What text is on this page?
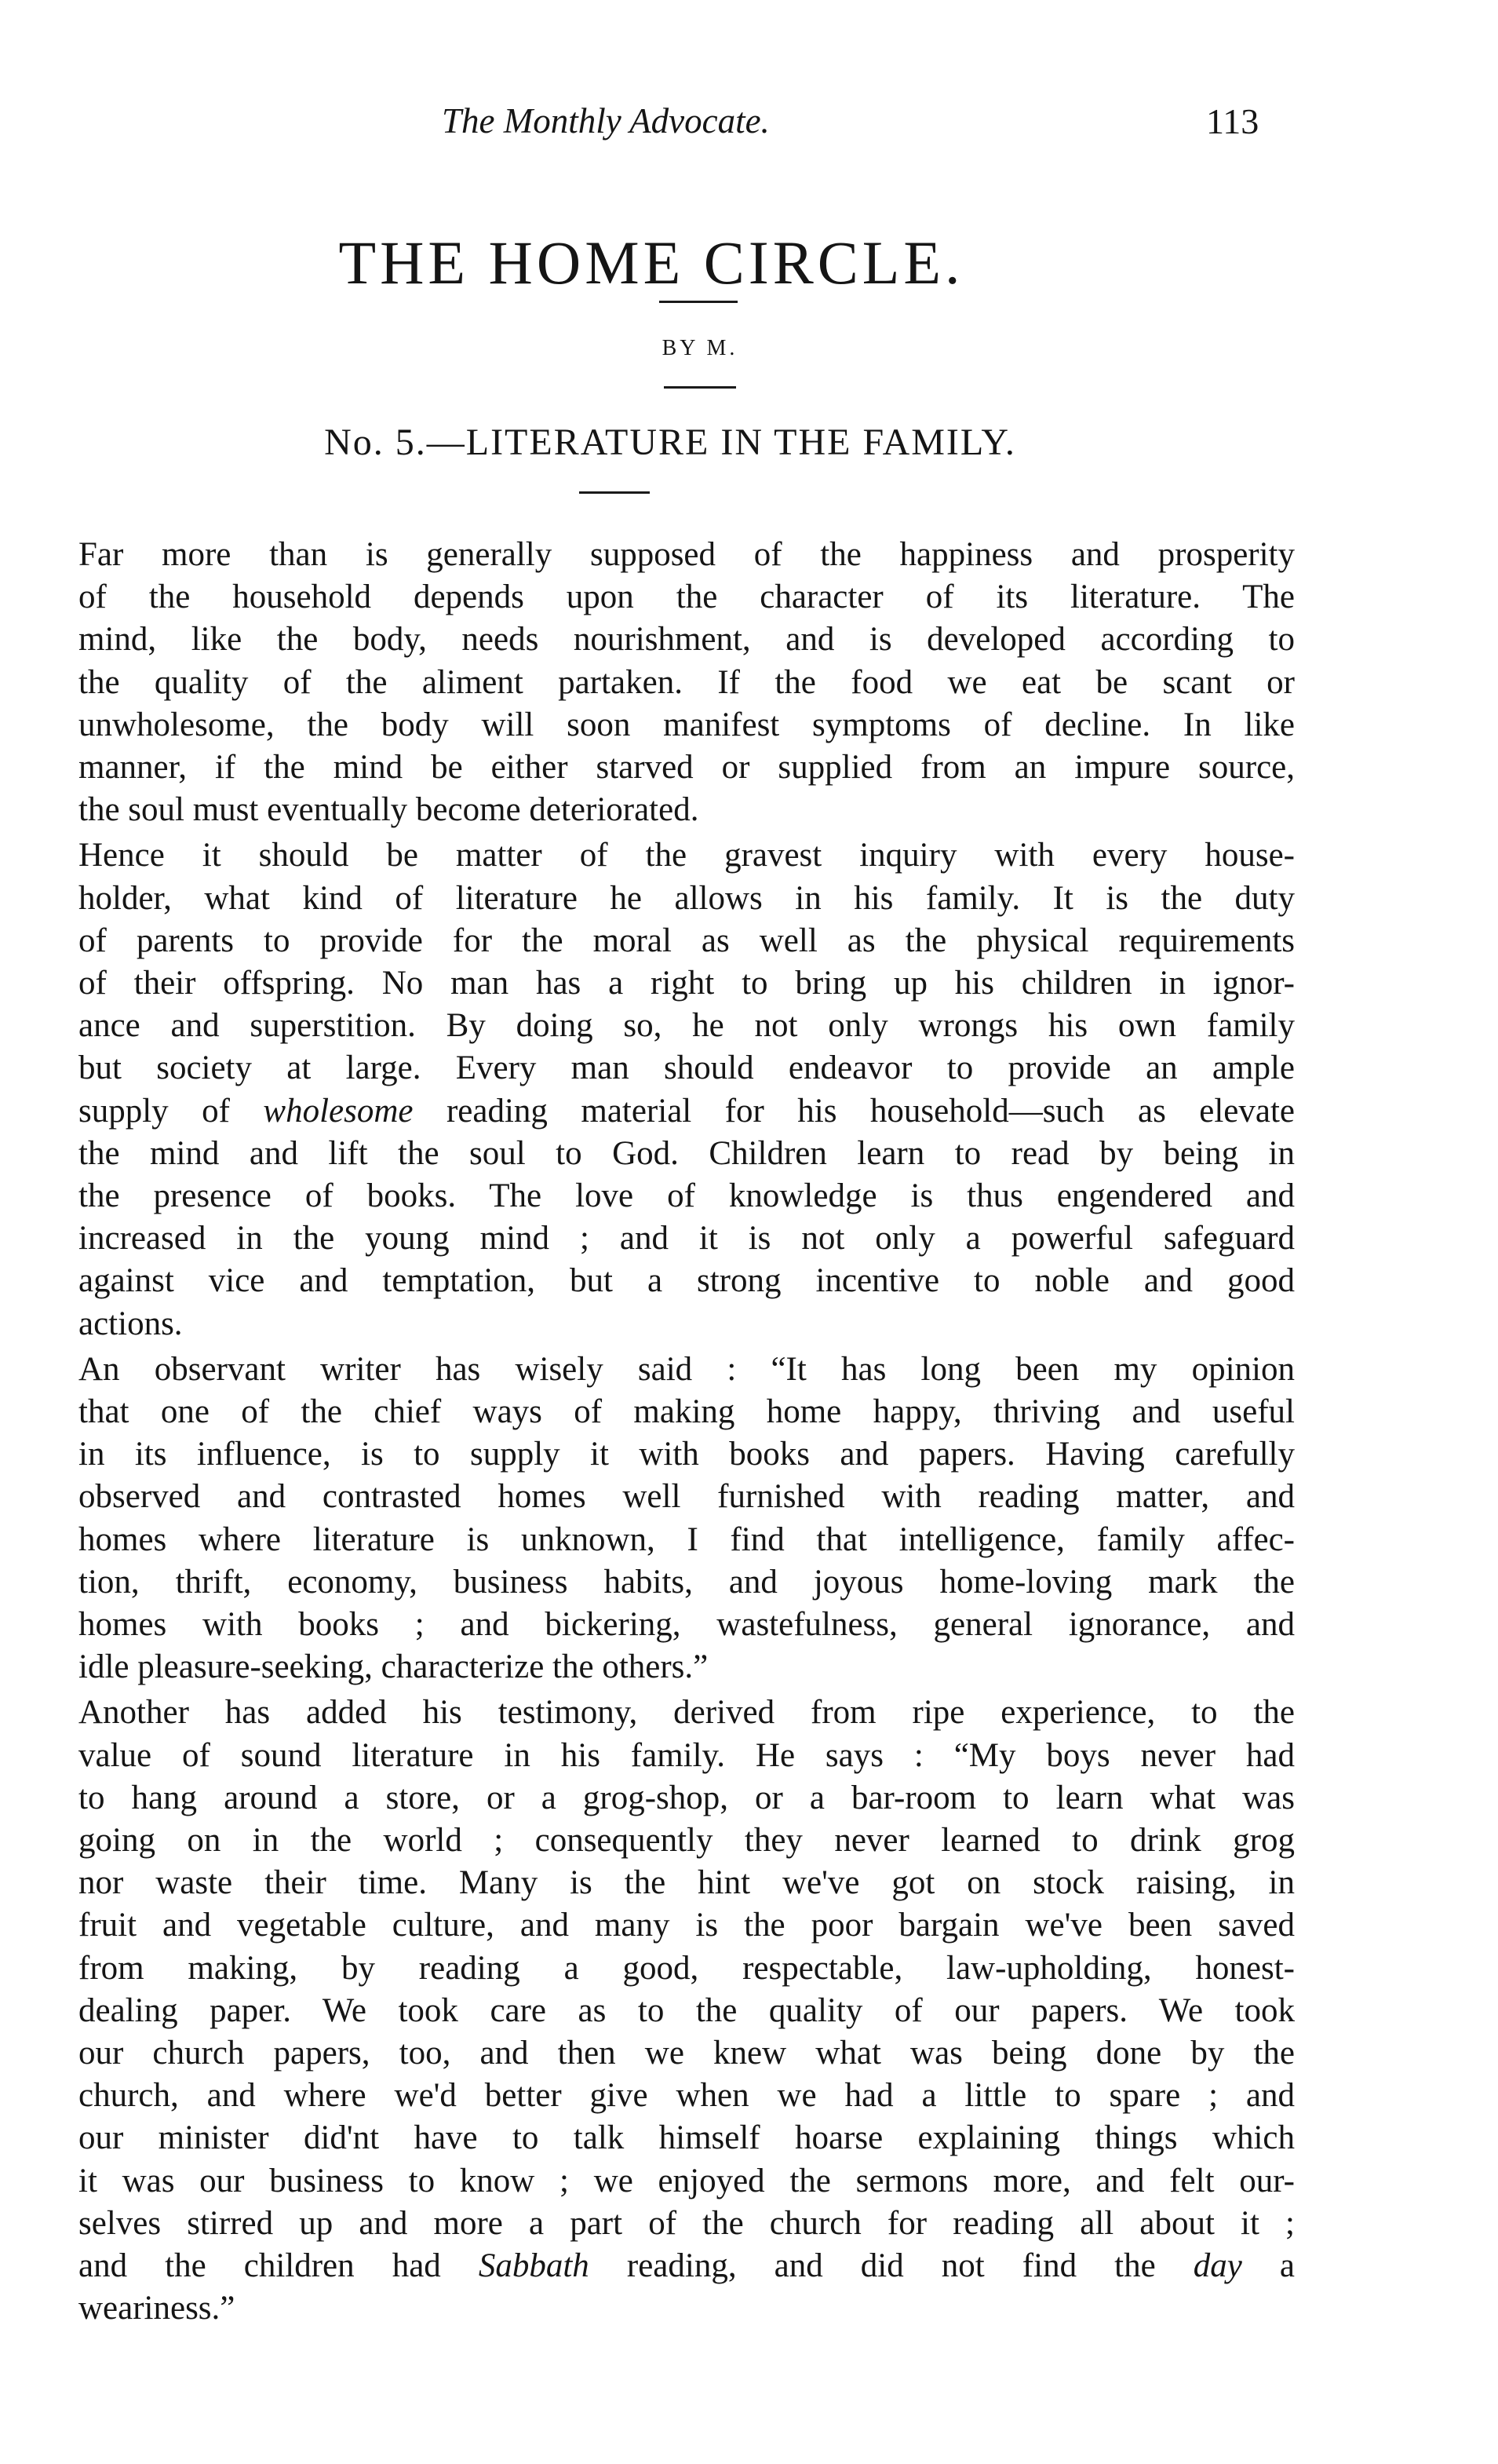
The Monthly Advocate.	113
THE HOME CIRCLE.
BY M.
No. 5.—LITERATURE IN THE FAMILY.
Far more than is generally supposed of the happiness and prosperity
of the household depends upon the character of its literature. The
mind, like the body, needs nourishment, and is developed according to
the quality of the aliment partaken. If the food we eat be scant or
unwholesome, the body will soon manifest symptoms of decline. In like
manner, if the mind be either starved or supplied from an impure source,
the soul must eventually become deteriorated.
Hence it should be matter of the gravest inquiry with every house-
holder, what kind of literature he allows in his family. It is the duty
of parents to provide for the moral as well as the physical requirements
of their offspring. No man has a right to bring up his children in ignor-
ance and superstition. By doing so, he not only wrongs his own family
but society at large. Every man should endeavor to provide an ample
supply of wholesome reading material for his household—such as elevate
the mind and lift the soul to God. Children learn to read by being in
the presence of books. The love of knowledge is thus engendered and
increased in the young mind ; and it is not only a powerful safeguard
against vice and temptation, but a strong incentive to noble and good
actions.
An observant writer has wisely said : “It has long been my opinion
that one of the chief ways of making home happy, thriving and useful
in its influence, is to supply it with books and papers. Having carefully
observed and contrasted homes well furnished with reading matter, and
homes where literature is unknown, I find that intelligence, family affec-
tion, thrift, economy, business habits, and joyous home-loving mark the
homes with books ; and bickering, wastefulness, general ignorance, and
idle pleasure-seeking, characterize the others.”
Another has added his testimony, derived from ripe experience, to the
value of sound literature in his family. He says : “My boys never had
to hang around a store, or a grog-shop, or a bar-room to learn what was
going on in the world ; consequently they never learned to drink grog
nor waste their time. Many is the hint we've got on stock raising, in
fruit and vegetable culture, and many is the poor bargain we've been saved
from making, by reading a good, respectable, law-upholding, honest-
dealing paper. We took care as to the quality of our papers. We took
our church papers, too, and then we knew what was being done by the
church, and where we'd better give when we had a little to spare ; and
our minister did'nt have to talk himself hoarse explaining things which
it was our business to know ; we enjoyed the sermons more, and felt our-
selves stirred up and more a part of the church for reading all about it ;
and the children had Sabbath reading, and did not find the day a
weariness.”
